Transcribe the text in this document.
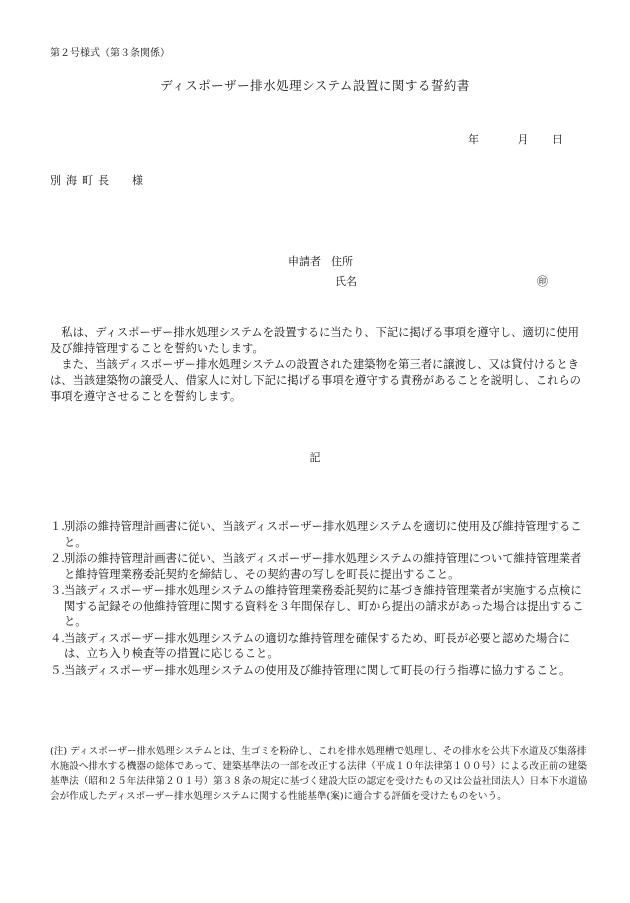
第２号様式（第３条関係）
ディスポーザー排水処理システム設置に関する誓約書
年	月 日
別海町長 様
申請者 住所
氏名	㊞

私は、ディスポーザー排水処理システムを設置するに当たり、下記に掲げる事項を遵守し、適切に使用及び維持管理することを誓約いたします。

また、当該ディスポーザー排水処理システムの設置された建築物を第三者に譲渡し、又は貸付けるときは、当該建築物の譲受人、借家人に対し下記に掲げる事項を遵守する責務があることを説明し、これらの事項を遵守させることを誓約します。

記
１. 別添の維持管理計画書に従い、当該ディスポーザー排水処理システムを適切に使用及び維持管理すること。
２. 別添の維持管理計画書に従い、当該ディスポーザー排水処理システムの維持管理について維持管理業者と維持管理業務委託契約を締結し、その契約書の写しを町長に提出すること。
３. 当該ディスポーザー排水処理システムの維持管理業務委託契約に基づき維持管理業者が実施する点検に関する記録その他維持管理に関する資料を３年間保存し、町から提出の請求があった場合は提出すること。
４. 当該ディスポーザー排水処理システムの適切な維持管理を確保するため、町長が必要と認めた場合には、立ち入り検査等の措置に応じること。
５. 当該ディスポーザー排水処理システムの使用及び維持管理に関して町長の行う指導に協力すること。
(注) ディスポーザー排水処理システムとは、生ゴミを粉砕し、これを排水処理槽で処理し、その排水を公共下水道及び集落排水施設へ排水する機器の総体であって、建築基準法の一部を改正する法律（平成１０年法律第１００号）による改正前の建築基準法（昭和２５年法律第２０１号）第３８条の規定に基づく建設大臣の認定を受けたもの又は公益社団法人）日本下水道協会が作成したディスポーザー排水処理システムに関する性能基準(案)に適合する評価を受けたものをいう。
